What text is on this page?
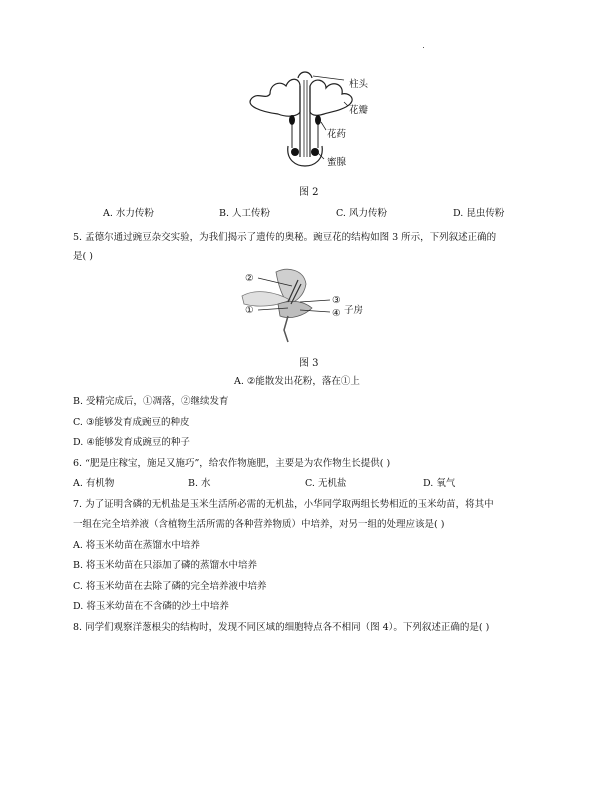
柱头
花瓣
花药
蜜腺
图 2
A. 水力传粉	B. 人工传粉	C. 风力传粉	D. 昆虫传粉
5. 孟德尔通过豌豆杂交实验，为我们揭示了遗传的奥秘。豌豆花的结构如图 3 所示，下列叙述正确的
是( )
②
①
③
④ 子房
图 3
A. ②能散发出花粉，落在①上
B. 受精完成后，①凋落，②继续发育
C. ③能够发育成豌豆的种皮
D. ④能够发育成豌豆的种子
6. “肥是庄稼宝，施足又施巧”，给农作物施肥，主要是为农作物生长提供( )
A. 有机物	B. 水	C. 无机盐	D. 氧气
7. 为了证明含磷的无机盐是玉米生活所必需的无机盐，小华同学取两组长势相近的玉米幼苗，将其中
一组在完全培养液（含植物生活所需的各种营养物质）中培养，对另一组的处理应该是( )
A. 将玉米幼苗在蒸馏水中培养
B. 将玉米幼苗在只添加了磷的蒸馏水中培养
C. 将玉米幼苗在去除了磷的完全培养液中培养
D. 将玉米幼苗在不含磷的沙土中培养
8. 同学们观察洋葱根尖的结构时，发现不同区域的细胞特点各不相同（图 4）。下列叙述正确的是( )
